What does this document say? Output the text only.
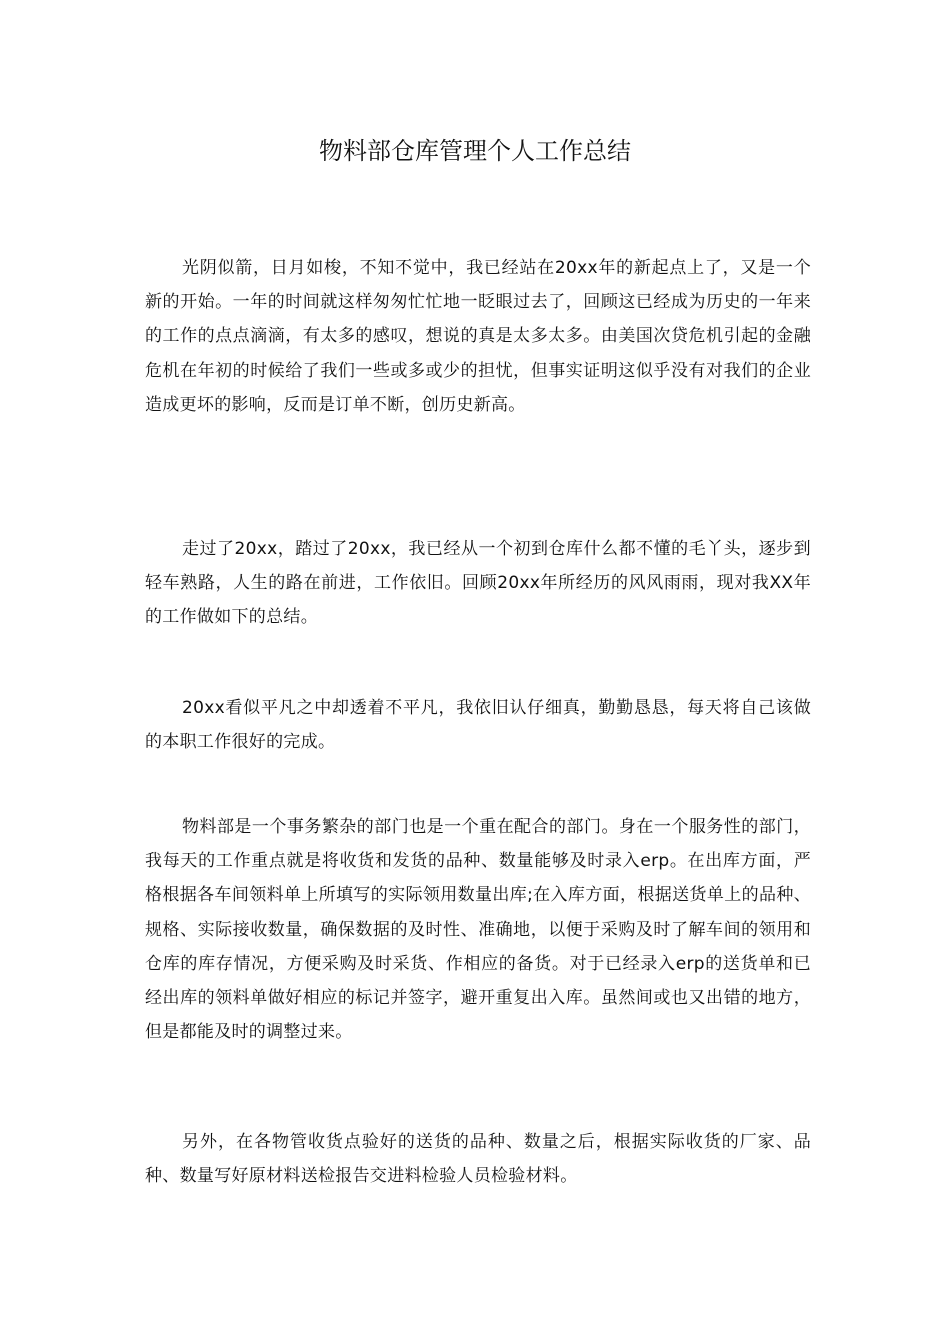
物料部仓库管理个人工作总结

光阴似箭，日月如梭，不知不觉中，我已经站在20xx年的新起点上了，又是一个新的开始。一年的时间就这样匆匆忙忙地一眨眼过去了，回顾这已经成为历史的一年来的工作的点点滴滴，有太多的感叹，想说的真是太多太多。由美国次贷危机引起的金融危机在年初的时候给了我们一些或多或少的担忧，但事实证明这似乎没有对我们的企业造成更坏的影响，反而是订单不断，创历史新高。

走过了20xx，踏过了20xx，我已经从一个初到仓库什么都不懂的毛丫头，逐步到轻车熟路，人生的路在前进，工作依旧。回顾20xx年所经历的风风雨雨，现对我XX年的工作做如下的总结。

20xx看似平凡之中却透着不平凡，我依旧认仔细真，勤勤恳恳，每天将自己该做的本职工作很好的完成。

物料部是一个事务繁杂的部门也是一个重在配合的部门。身在一个服务性的部门，我每天的工作重点就是将收货和发货的品种、数量能够及时录入erp。在出库方面，严格根据各车间领料单上所填写的实际领用数量出库;在入库方面，根据送货单上的品种、规格、实际接收数量，确保数据的及时性、准确地，以便于采购及时了解车间的领用和仓库的库存情况，方便采购及时采货、作相应的备货。对于已经录入erp的送货单和已经出库的领料单做好相应的标记并签字，避开重复出入库。虽然间或也又出错的地方，但是都能及时的调整过来。

另外，在各物管收货点验好的送货的品种、数量之后，根据实际收货的厂家、品种、数量写好原材料送检报告交进料检验人员检验材料。
